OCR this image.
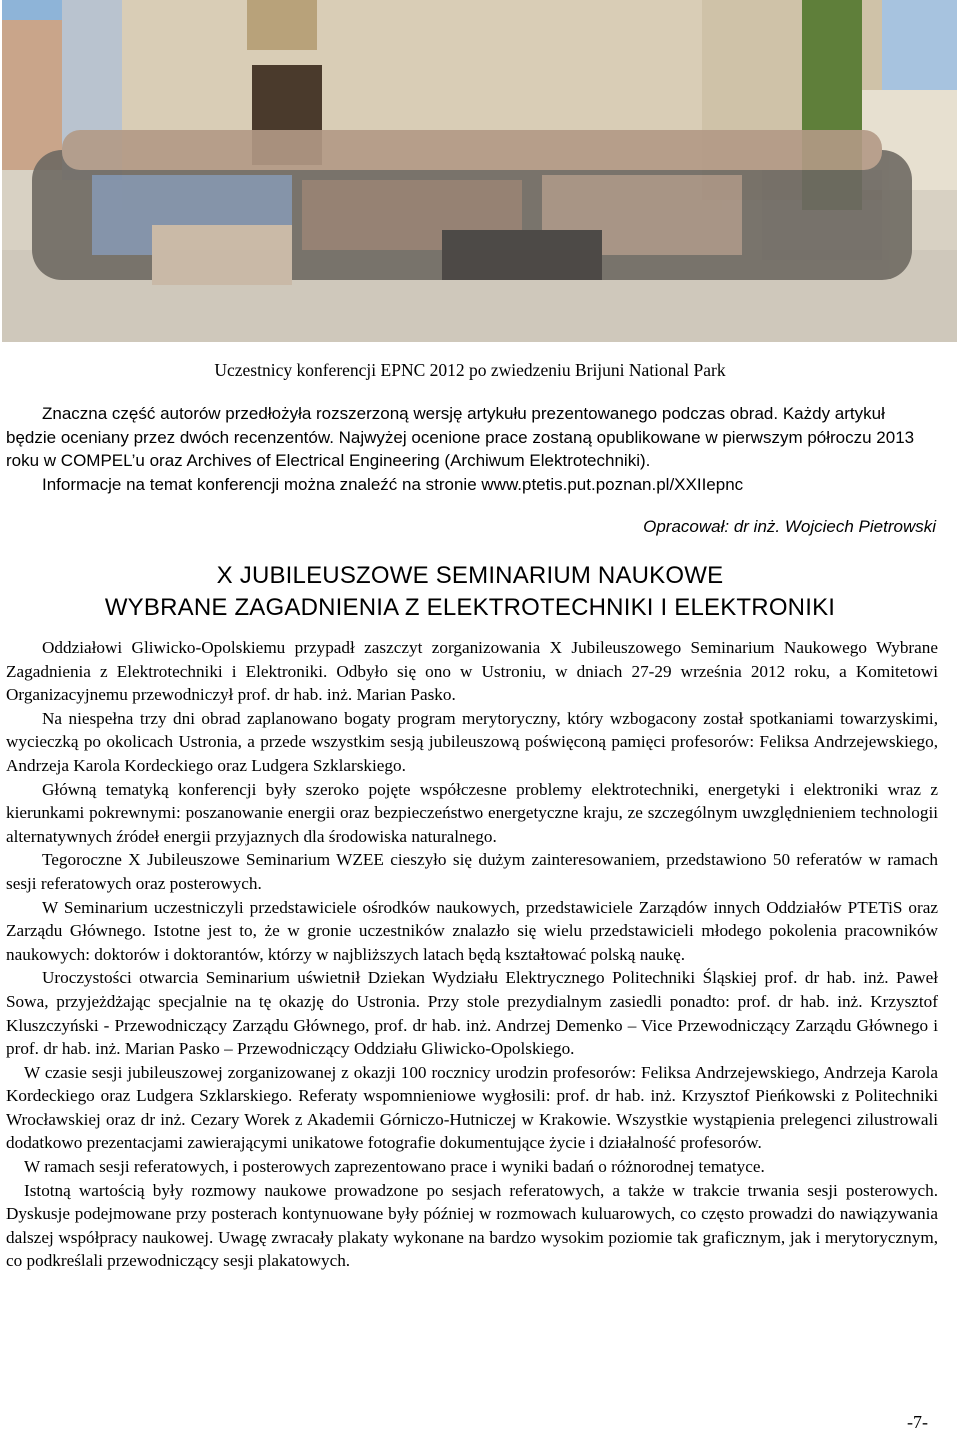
Uczestnicy konferencji EPNC 2012 po zwiedzeniu Brijuni National Park

Znaczna część autorów przedłożyła rozszerzoną wersję artykułu prezentowanego podczas obrad. Każdy artykuł będzie oceniany przez dwóch recenzentów. Najwyżej ocenione prace zostaną opublikowane w pierwszym półroczu 2013 roku w COMPEL’u oraz Archives of Electrical Engineering (Archiwum Elektrotechniki).

Informacje na temat konferencji można znaleźć na stronie www.ptetis.put.poznan.pl/XXIIepnc

Opracował: dr inż. Wojciech Pietrowski
X JUBILEUSZOWE SEMINARIUM NAUKOWE
WYBRANE ZAGADNIENIA Z ELEKTROTECHNIKI I ELEKTRONIKI

Oddziałowi Gliwicko-Opolskiemu przypadł zaszczyt zorganizowania X Jubileuszowego Seminarium Naukowego Wybrane Zagadnienia z Elektrotechniki i Elektroniki. Odbyło się ono w Ustroniu, w dniach 27-29 września 2012 roku, a Komitetowi Organizacyjnemu przewodniczył prof. dr hab. inż. Marian Pasko.

Na niespełna trzy dni obrad zaplanowano bogaty program merytoryczny, który wzbogacony został spotkaniami towarzyskimi, wycieczką po okolicach Ustronia, a przede wszystkim sesją jubileuszową poświęconą pamięci profesorów: Feliksa Andrzejewskiego, Andrzeja Karola Kordeckiego oraz Ludgera Szklarskiego.

Główną tematyką konferencji były szeroko pojęte współczesne problemy elektrotechniki, energetyki i elektroniki wraz z kierunkami pokrewnymi: poszanowanie energii oraz bezpieczeństwo energetyczne kraju, ze szczególnym uwzględnieniem technologii alternatywnych źródeł energii przyjaznych dla środowiska naturalnego.

Tegoroczne X Jubileuszowe Seminarium WZEE cieszyło się dużym zainteresowaniem, przedstawiono 50 referatów w ramach sesji referatowych oraz posterowych.

W Seminarium uczestniczyli przedstawiciele ośrodków naukowych, przedstawiciele Zarządów innych Oddziałów PTETiS oraz Zarządu Głównego. Istotne jest to, że w gronie uczestników znalazło się wielu przedstawicieli młodego pokolenia pracowników naukowych: doktorów i doktorantów, którzy w najbliższych latach będą kształtować polską naukę.

Uroczystości otwarcia Seminarium uświetnił Dziekan Wydziału Elektrycznego Politechniki Śląskiej prof. dr hab. inż. Paweł Sowa, przyjeżdżając specjalnie na tę okazję do Ustronia. Przy stole prezydialnym zasiedli ponadto: prof. dr hab. inż. Krzysztof Kluszczyński - Przewodniczący Zarządu Głównego, prof. dr hab. inż. Andrzej Demenko – Vice Przewodniczący Zarządu Głównego i prof. dr hab. inż. Marian Pasko – Przewodniczący Oddziału Gliwicko-Opolskiego.

W czasie sesji jubileuszowej zorganizowanej z okazji 100 rocznicy urodzin profesorów: Feliksa Andrzejewskiego, Andrzeja Karola Kordeckiego oraz Ludgera Szklarskiego. Referaty wspomnieniowe wygłosili: prof. dr hab. inż. Krzysztof Pieńkowski z Politechniki Wrocławskiej oraz dr inż. Cezary Worek z Akademii Górniczo-Hutniczej w Krakowie. Wszystkie wystąpienia prelegenci zilustrowali dodatkowo prezentacjami zawierającymi unikatowe fotografie dokumentujące życie i działalność profesorów.

W ramach sesji referatowych, i posterowych zaprezentowano prace i wyniki badań o różnorodnej tematyce.

Istotną wartością były rozmowy naukowe prowadzone po sesjach referatowych, a także w trakcie trwania sesji posterowych. Dyskusje podejmowane przy posterach kontynuowane były później w rozmowach kuluarowych, co często prowadzi do nawiązywania dalszej współpracy naukowej. Uwagę zwracały plakaty wykonane na bardzo wysokim poziomie tak graficznym, jak i merytorycznym, co podkreślali przewodniczący sesji plakatowych.

-7-
